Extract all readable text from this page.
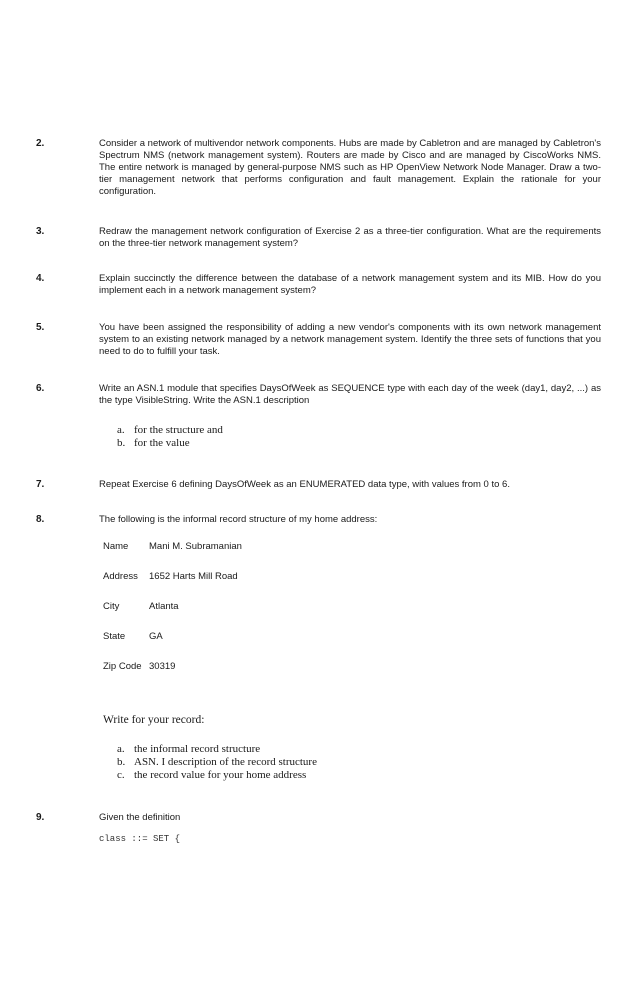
2.	Consider a network of multivendor network components. Hubs are made by Cabletron and are managed by Cabletron's Spectrum NMS (network management system). Routers are made by Cisco and are managed by CiscoWorks NMS. The entire network is managed by general-purpose NMS such as HP OpenView Network Node Manager. Draw a two-tier management network that performs configuration and fault management. Explain the rationale for your configuration.
3.	Redraw the management network configuration of Exercise 2 as a three-tier configuration. What are the requirements on the three-tier network management system?
4.	Explain succinctly the difference between the database of a network management system and its MIB. How do you implement each in a network management system?
5.	You have been assigned the responsibility of adding a new vendor's components with its own network management system to an existing network managed by a network management system. Identify the three sets of functions that you need to do to fulfill your task.
6.	Write an ASN.1 module that specifies DaysOfWeek as SEQUENCE type with each day of the week (day1, day2, ...) as the type VisibleString. Write the ASN.1 description
a. for the structure and
b. for the value
7.	Repeat Exercise 6 defining DaysOfWeek as an ENUMERATED data type, with values from 0 to 6.
8.	The following is the informal record structure of my home address:
Name Mani M. Subramanian
Address 1652 Harts Mill Road
City	Atlanta
State	GA
Zip Code 30319
Write for your record:
a. the informal record structure
b. ASN. I description of the record structure
c. the record value for your home address
9.	Given the definition
class ::= SET {
